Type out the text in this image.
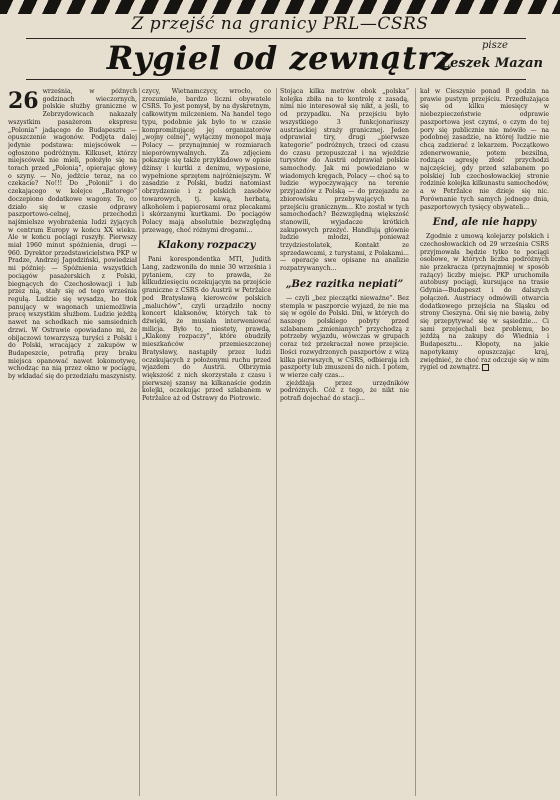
Z przejść na granicy PRL—CSRS
Rygiel od zewnątrz	pisze
Leszek Mazan
26 września, w późnych godzinach wieczornych, polskie służby graniczne w Zebrzydowicach nakazały wszystkim pasażerom ekspresu „Polonia” jadącego do Budapesztu — opuszczenie wagonów. Podjęta dalej jedynie podstawa: miejscówek — ogłoszono podróżnym. Kilkuset, którzy miejscówek nie mieli, położyło się na torach przed „Polonią”, opierając głowy o szyny. — No, jedźcie teraz, na co czekacie? No!!! Do „Polonii” i do czekającego w kolejce „Batorego” doczepiono dodatkowe wagony. To, co działo się w czasie odprawy paszportowo-celnej, przechodzi najśmielsze wyobrażenia ludzi żyjących w centrum Europy w końcu XX wieku. Ale w końcu pociągi ruszyły. Pierwszy miał 1960 minut spóźnienia, drugi — 960. Dyrektor przedstawicielstwa PKP w Pradze, Andrzej Jagodziński, powiedział mi później: — Spóźnienia wszystkich pociągów pasażerskich z Polski, biegnących do Czechosłowacji i lub przez nią, stały się od tego września regułą. Ludzie się wysadza, bo tłok panujący w wagonach uniemożliwia pracę wszystkim służbom. Ludzie jeżdżą nawet na schodkach nie samsiednich drzwi. W Ostrawie opowiadano mi, że obijaczowi towarzyszą turyści z Polski i do Polski, wracający z zakupów w Budapeszcie, potrafią przy braku miejsca opanować nawet lokomotywę, wchodząc na nią przez okno w pociągu, by wkładać się do przedziału maszynisty.

czycy, Wietnamczycy, wrocło, co zrozumiałe, bardzo liczni obywatele CSRS. To jest pomysł, by na dyskretnym, całkowitym milczeniem. Na handel tego typu, podobnie jak było to w czasie kompromitującej jej organizatorów „wojny celnej”, wyłączny monopol mają Polacy — przynajmniej w rozmiarach nieporównywalnych. Za zdjęciem pokazuje się także przykładowo w opisie dżinsy i kurtki z denimu, wypasione, wypełnione sprzętem najróżniejszym. W zasadzie z Polski, budzi natomiast obrzydzenie i z polskich zasobów towarowych, tj. kawą, herbatą, alkoholem i papierosami oraz plecakami i skórzanymi kurtkami. Do pociągów Polacy mają absolutnie bezwzględną przewagę, choć różnymi drogami...

Klakony rozpaczy

Pani korespondentka MTI, Judith Lang, zadzwoniła do mnie 30 września i pytaniem, czy to prawda, że kilkudziesięciu oczekującym na przejście graniczne z CSRS do Austrii w Petržalce pod Bratysławą kierowców polskich „maluchów”, czyli urządziło nocny koncert klaksonów, których tak to dźwięki, że musiała interweniować milicja. Było to, niestety, prawdą, „Klakony rozpaczy”, które obudziły mieszkańców przemieszczonej Bratysławy, nastąpiły przez ludzi oczekujących z położonymi ruchu przed wjazdem do Austrii. Olbrzymia większość z nich skorzystała z czasu i pierwszej szansy na kilkanaście godzin kolejki, oczekując przed szlabanem w Petržalce aż od Ostrawy do Piotrowic.

Stojąca kilka metrów obok „polska” kolejka zbiła na to kontrolę z zasadą, nimi nie interesował się nikt, a jeśli, to od przypadku. Na przejściu było wszystkiego 3 funkcjonariuszy austriackiej straży granicznej. Jeden odprawiał tiry, drugi „pierwsze kategorie” podróżnych, trzeci od czasu do czasu przepuszczał i na wjeździe turystów do Austrii odprawiał polskie samochody. Jak mi powiedziano w wiadomych kręgach, Polacy — choć są to ludzie wypoczywający na terenie przyjazdów z Polską — do przejazdu ze zbiorowisku przebywających na przejściu granicznym... Kto został w tych samochodach? Bezwzględną większość stanowili, wyjadacze krótkich zakupowych przeżyć. Handlują głównie ludzie młodzi, ponieważ trzydziestolatek, Kontakt ze sprzedawcami, z turystami, z Polakami... — operacje swe opisane na analizie rozpatrywanych...

„Bez razitka nepiati”

— czyli „bez pieczątki nieważne”. Bez stempla w paszporcie wyjazd, że nie ma się w ogóle do Polski. Dni, w których do naszego polskiego pobyty przed szlabanem „zmienianych” przychodzą z potrzeby wyjazdu, wówczas w grupach coraz też przekraczał nowe przejście. Ilości rozwydrzonych paszportów z wizą kilka pierwszych, w CSRS, odbierają ich paszporty lub zmuszeni do nich. I potem, w wierze cały czas...

zjeżdżają przez urzędników podróżnych. Cóż z tego, że nikt nie potrafi dojechać do stacji...

kał w Cieszynie ponad 8 godzin na prawie pustym przejściu. Przedłużająca się od kilku miesięcy w niebezpieczeństwie odprawie paszportowa jest czymś, o czym do tej pory się publicznie nie mówiło — na podobnej zasadzie, na której ludzie nie chcą zadzierać z lekarzem. Początkowo zdenerwowanie, potem bezsilna, rodząca agresję złość przychodzi najczęściej, gdy przed szlabanem po polskiej lub czechosłowackiej stronie rodzinie kolejka kilkunastu samochodów, a w Petržalce nie dzieje się nic. Porównanie tych samych jednego dnia, paszportowych tysięcy obywateli...

End, ale nie happy

Zgodnie z umową kolejarzy polskich i czechosłowackich od 29 września CSRS przyjmowała będzie tylko te pociągi osobowe, w których liczba podróżnych nie przekracza (przynajmniej w sposób rażący) liczby miejsc. PKP uruchomiła autobusy pociągi, kursujące na trasie Gdynia—Budapeszt i do dalszych połączeń. Austriacy odmówili otwarcia dodatkowego przejścia na Śląsku od strony Cieszyna. Oni się nie bawią, żeby się przepytywać się w sąsiedzie... Ci sami przejechali bez problemu, bo jeżdżą na zakupy do Wiednia i Budapesztu... Kłopoty, na jakie napotykamy opuszczając kraj, zwiędnieć, że choć raz odczuje się w nim rygiel od zewnątrz.
